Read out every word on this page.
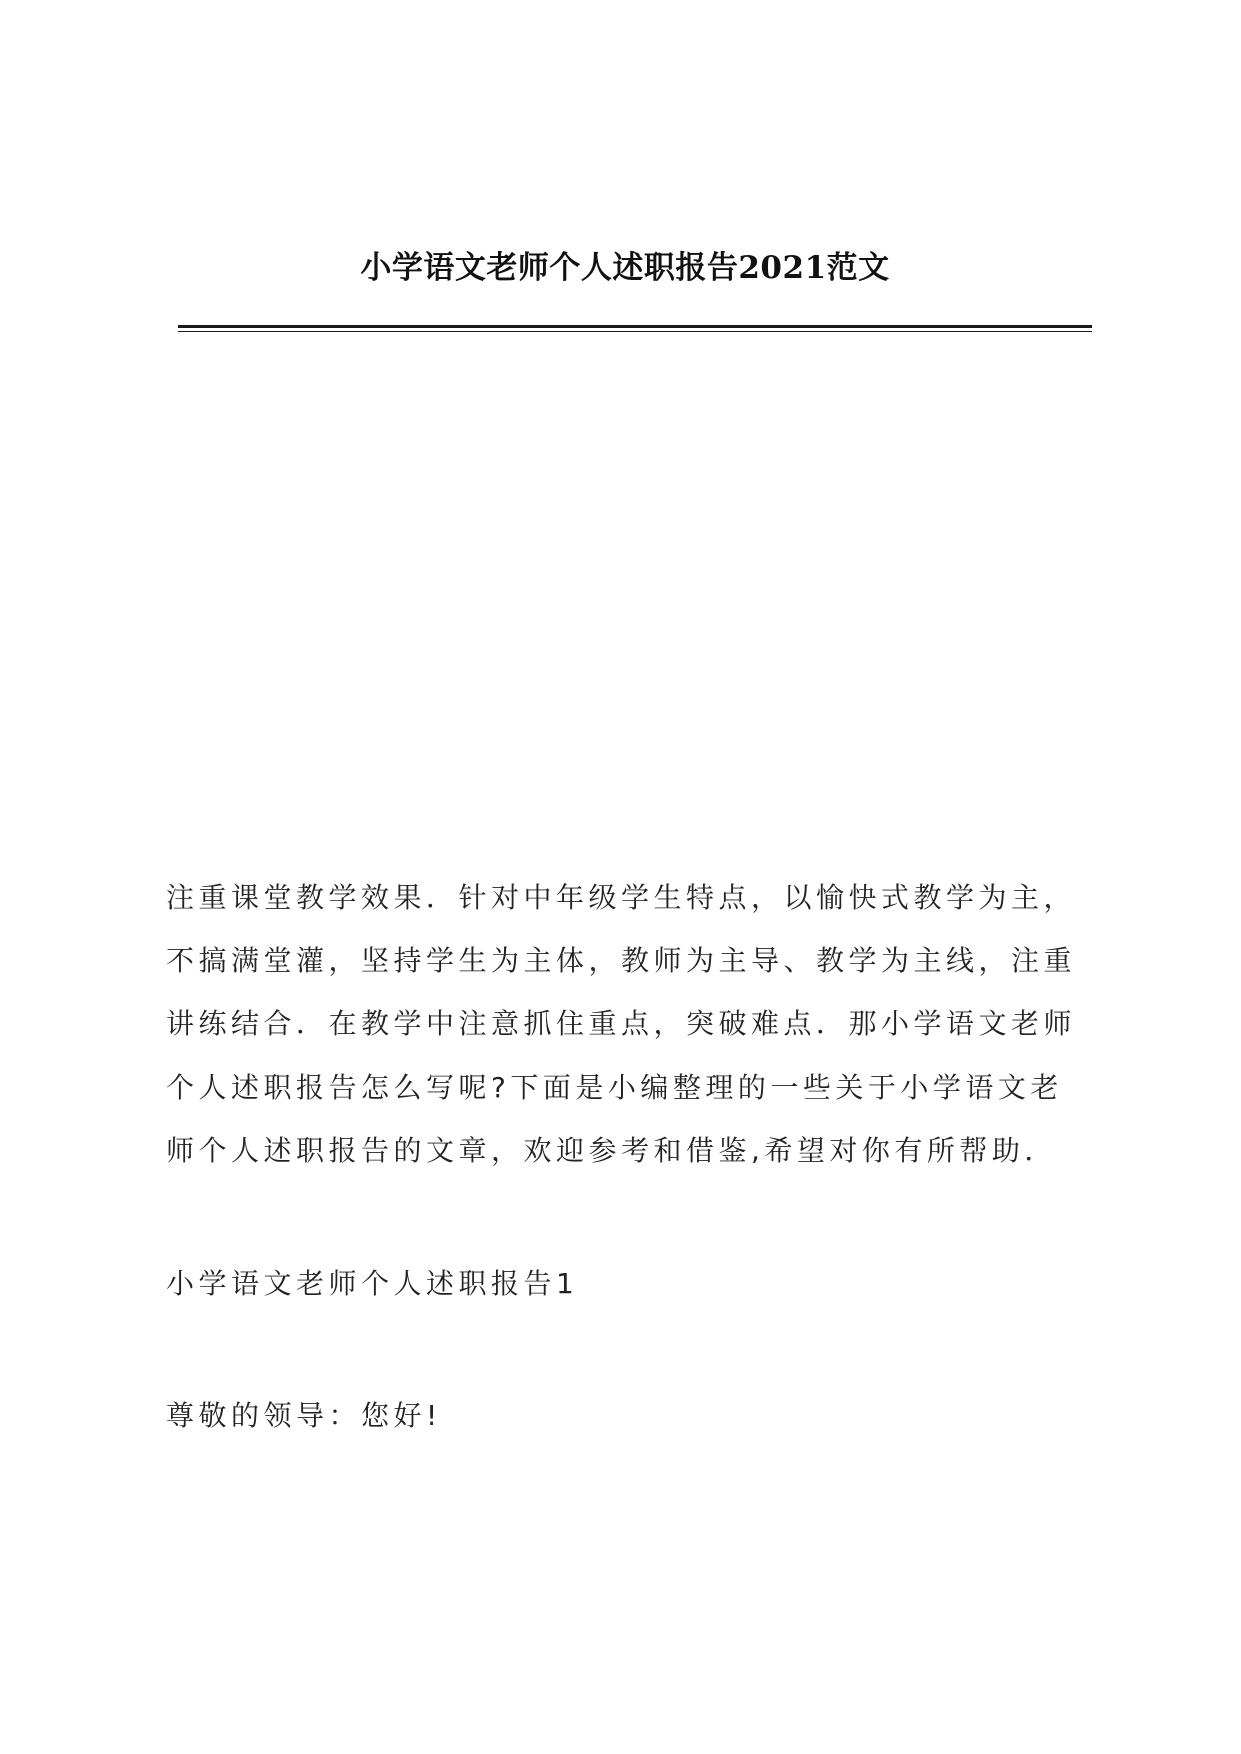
小学语文老师个人述职报告2021范文
注重课堂教学效果．针对中年级学生特点，以愉快式教学为主，
不搞满堂灌，坚持学生为主体，教师为主导、教学为主线，注重
讲练结合．在教学中注意抓住重点，突破难点．那小学语文老师
个人述职报告怎么写呢?下面是小编整理的一些关于小学语文老
师个人述职报告的文章，欢迎参考和借鉴,希望对你有所帮助．
小学语文老师个人述职报告1
尊敬的领导：您好!
